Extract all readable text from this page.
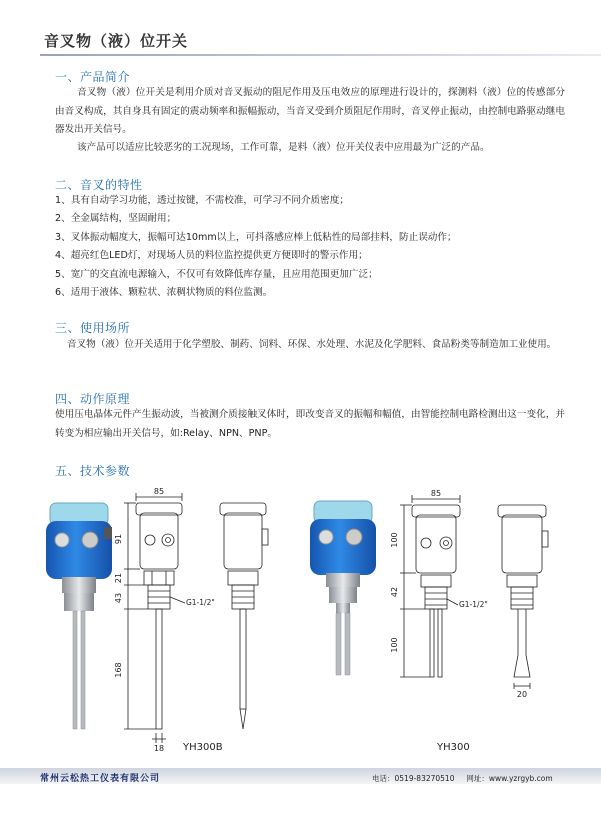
音叉物（液）位开关
一、产品简介
音叉物（液）位开关是利用介质对音叉振动的阻尼作用及压电效应的原理进行设计的，探测料（液）位的传感部分由音叉构成，其自身具有固定的震动频率和振幅振动，当音叉受到介质阻尼作用时，音叉停止振动，由控制电路驱动继电器发出开关信号。
该产品可以适应比较恶劣的工况现场，工作可靠，是料（液）位开关仪表中应用最为广泛的产品。
二、音叉的特性
1、具有自动学习功能，透过按键，不需校准，可学习不同介质密度；
2、全金属结构，坚固耐用；
3、叉体振动幅度大，振幅可达10mm以上，可抖落感应棒上低粘性的局部挂料，防止误动作；
4、超亮红色LED灯，对现场人员的料位监控提供更方便即时的警示作用；
5、宽广的交直流电源输入，不仅可有效降低库存量，且应用范围更加广泛；
6、适用于液体、颗粒状、浓稠状物质的料位监测。
三、使用场所
音叉物（液）位开关适用于化学塑胶、制药、饲料、环保、水处理、水泥及化学肥料、食品粉类等制造加工业使用。
四、动作原理
使用压电晶体元件产生振动波，当被测介质接触叉体时，即改变音叉的振幅和幅值，由智能控制电路检测出这一变化，并转变为相应输出开关信号，如:Relay、NPN、PNP。
五、技术参数
85
91
21
43
168
18
G1-1/2"
85
100
42
100
G1-1/2"
20
YH300B	YH300
常州云松热工仪表有限公司	电话：0519-83270510 网址：www.yzrgyb.com
